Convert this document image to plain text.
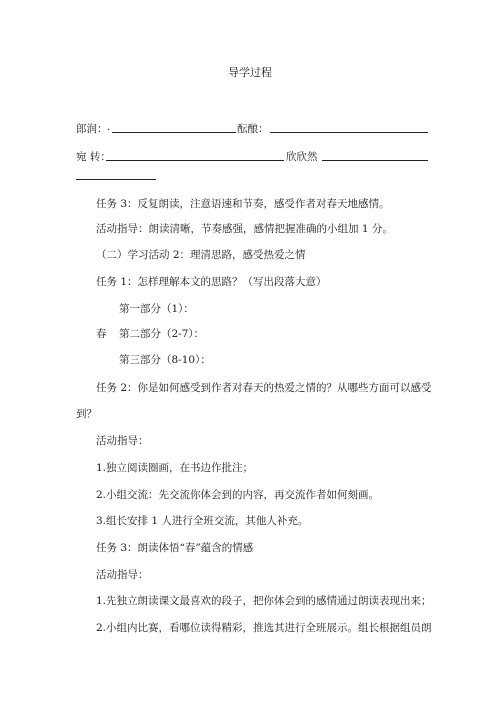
导学过程
郎润： .	酝酿：
宛 转：	欣欣然
任务 3：反复朗读，注意语速和节奏，感受作者对春天地感情。
活动指导：朗读清晰，节奏感强，感情把握准确的小组加 1 分。
（二）学习活动 2：理清思路，感受热爱之情
任务 1：怎样理解本文的思路？（写出段落大意）
第一部分（1）：
春 第二部分（2-7）：
第三部分（8-10）：
任务 2：你是如何感受到作者对春天的热爱之情的？从哪些方面可以感受
到？
活动指导：
1.独立阅读圈画，在书边作批注；
2.小组交流：先交流你体会到的内容，再交流作者如何刻画。
3.组长安排 1 人进行全班交流，其他人补充。
任务 3：朗读体悟“春”蕴含的情感
活动指导：
1.先独立朗读课文最喜欢的段子，把你体会到的感情通过朗读表现出来；
2.小组内比赛，看哪位读得精彩，推选其进行全班展示。组长根据组员朗
